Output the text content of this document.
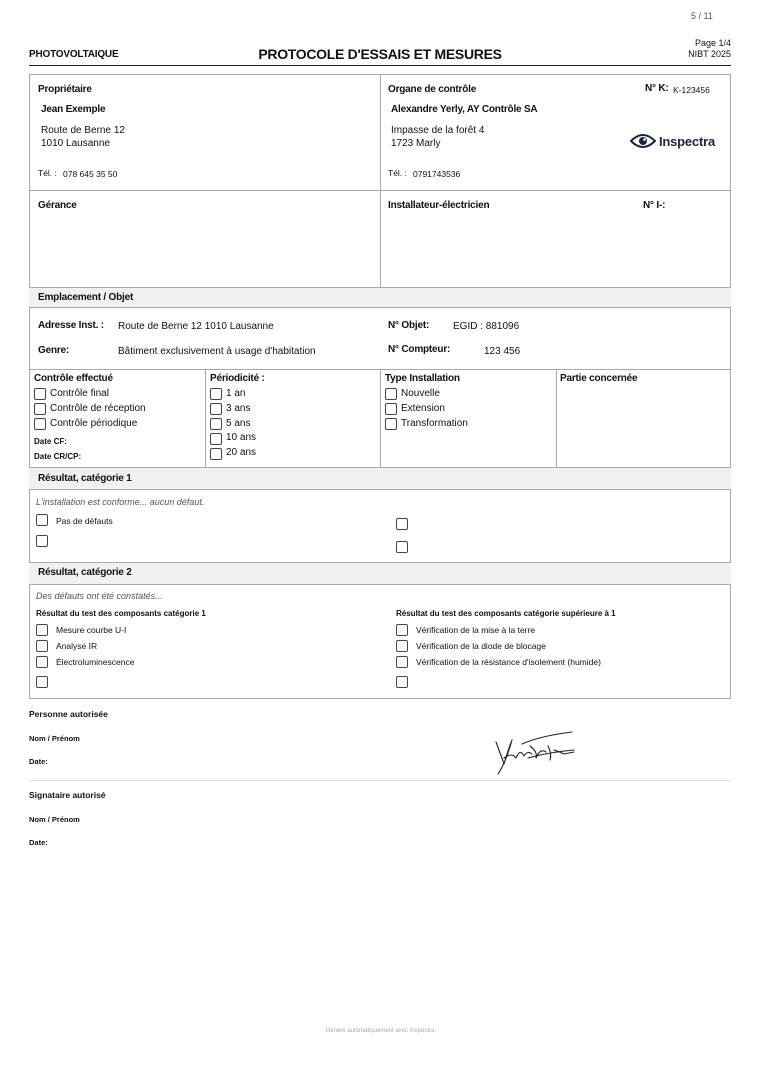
5 / 11
PHOTOVOLTAIQUE	PROTOCOLE D'ESSAIS ET MESURES
Page 1/4
NIBT 2025
Propriétaire
Jean Exemple
Route de Berne 12
1010 Lausanne
Tél. : 078 645 35 50
Organe de contrôle	N° K: K-123456
Alexandre Yerly, AY Contrôle SA
Impasse de la forêt 4
1723 Marly
Tél. : 0791743536
Inspectra
Gérance	Installateur-électricien	N° I-:
Emplacement / Objet
Adresse Inst. : Route de Berne 12 1010 Lausanne	N° Objet: EGID : 881096
Genre:	Bâtiment exclusivement à usage d'habitation	N° Compteur:	123 456
Contrôle effectué
Contrôle final
Contrôle de réception
Contrôle périodique
Date CF:
Date CR/CP:
Périodicité :
1 an
3 ans
5 ans
10 ans
20 ans
Type Installation
Nouvelle
Extension
Transformation
Partie concernée
Résultat, catégorie 1
L'installation est conforme... aucun défaut.
Pas de défauts
Résultat, catégorie 2
Des défauts ont été constatés...
Résultat du test des composants catégorie 1	Résultat du test des composants catégorie supérieure à 1
Mesure courbe U-I
Analyse IR
Électroluminescence
Vérification de la mise à la terre
Vérification de la diode de blocage
Vérification de la résistance d'isolement (humide)
Personne autorisée
Nom / Prénom
Date:
Signataire autorisé
Nom / Prénom
Date:
Généré automatiquement avec Inspectra
